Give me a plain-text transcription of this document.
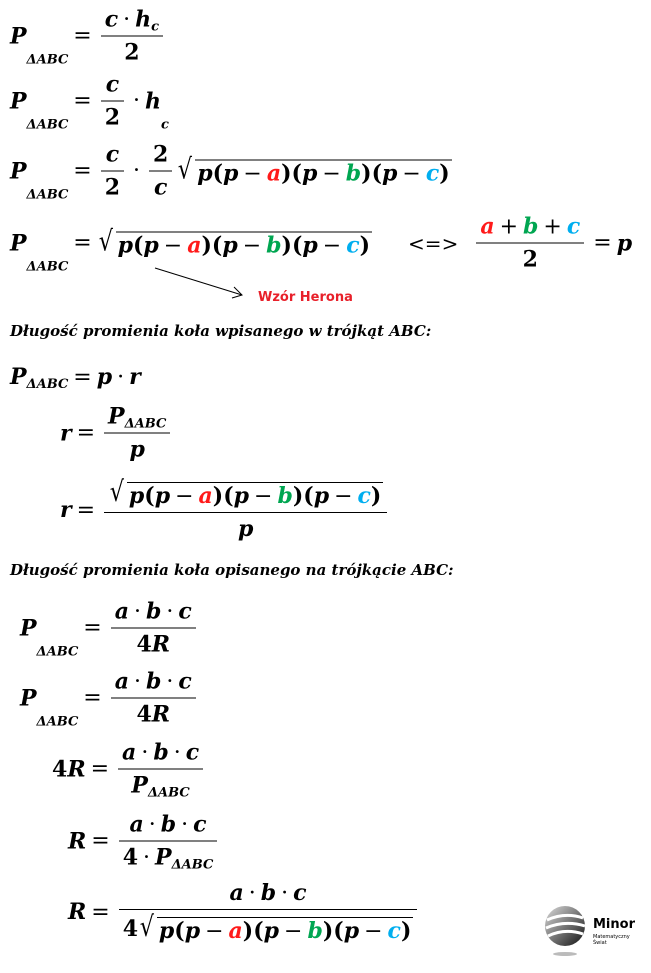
P
ΔABC
= $\frac{\text{c · h c}}{2}$
P
ΔABC
= $\frac{c}{2} \cdot h$
c
P
ΔABC
= $\frac{c}{2} \cdot \frac{2}{c}$ √ p ( p − a ) ( p − b ) ( p − c )
P
ΔABC
= √ p ( p − a ) ( p − b ) ( p − c ) <=> $\frac{a + b + c}{2} = p$
Wzór Herona
Długość promienia koła wpisanego w trójkąt ABC:
P ΔABC = p · r
$r = \frac{\text{P ΔABC}}{p}$
$r = \frac{√ p ( p - a ) ( p - b ) ( p - c )}{p}$
Długość promienia koła opisanego na trójkącie ABC:
P
ΔABC
= $\frac{a \cdot b \cdot c}{4R}$
P
ΔABC
= $\frac{a \cdot b \cdot c}{4R}$
$4R = \frac{a \cdot b \cdot c}{\text{P ΔABC}}$
$R = \frac{a \cdot b \cdot c}{\text{4 · P ΔABC}}$
$R = \frac{a \cdot b \cdot c}{4 √ p ( p - a ) ( p - b ) ( p - c )}$	Minor
Matematyczny Świat
